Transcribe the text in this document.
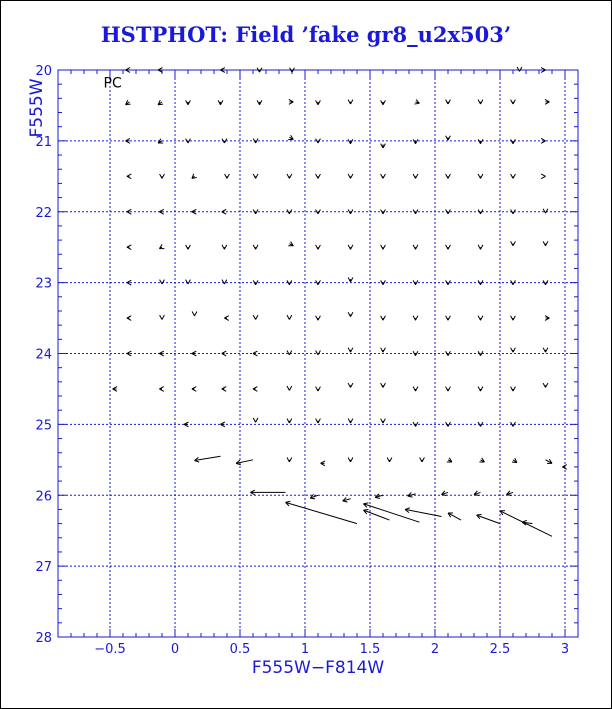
HSTPHOT: Field ’fake gr8_u2x503’
−0.5	0	0.5	1	1.5	2	2.5	3
20
21
22
23
24
25
26
27
28
F555W−F814W
F555W	PC
